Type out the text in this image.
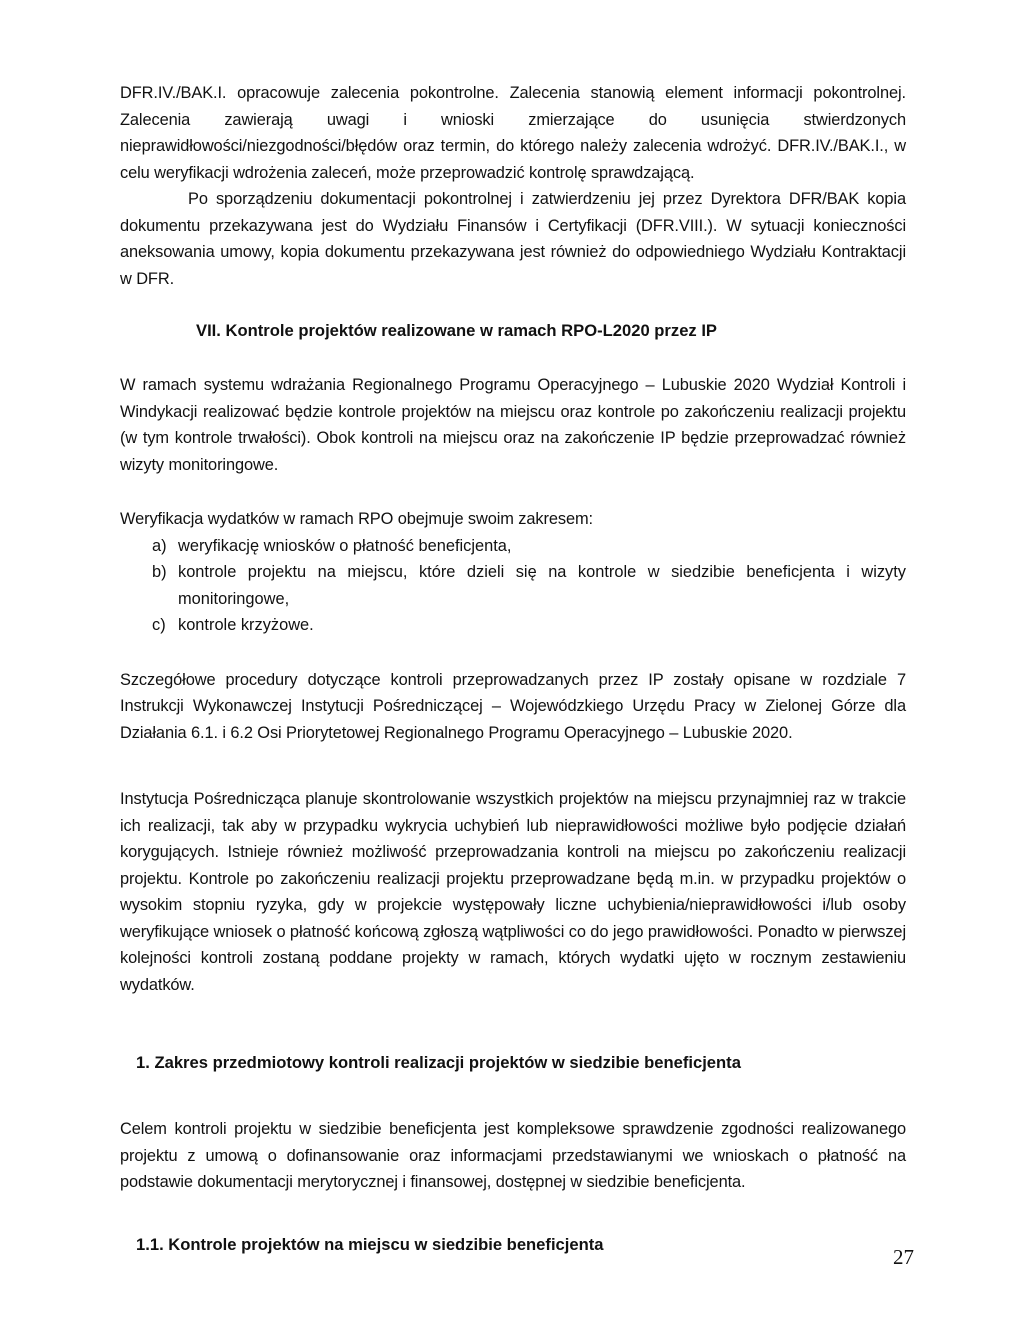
DFR.IV./BAK.I. opracowuje zalecenia pokontrolne. Zalecenia stanowią element informacji pokontrolnej. Zalecenia zawierają uwagi i wnioski zmierzające do usunięcia stwierdzonych nieprawidłowości/niezgodności/błędów oraz termin, do którego należy zalecenia wdrożyć. DFR.IV./BAK.I., w celu weryfikacji wdrożenia zaleceń, może przeprowadzić kontrolę sprawdzającą.

Po sporządzeniu dokumentacji pokontrolnej i zatwierdzeniu jej przez Dyrektora DFR/BAK kopia dokumentu przekazywana jest do Wydziału Finansów i Certyfikacji (DFR.VIII.). W sytuacji konieczności aneksowania umowy, kopia dokumentu przekazywana jest również do odpowiedniego Wydziału Kontraktacji w DFR.

VII. Kontrole projektów realizowane w ramach RPO-L2020 przez IP

W ramach systemu wdrażania Regionalnego Programu Operacyjnego – Lubuskie 2020 Wydział Kontroli i Windykacji realizować będzie kontrole projektów na miejscu oraz kontrole po zakończeniu realizacji projektu (w tym kontrole trwałości). Obok kontroli na miejscu oraz na zakończenie IP będzie przeprowadzać również wizyty monitoringowe.

Weryfikacja wydatków w ramach RPO obejmuje swoim zakresem:

a) weryfikację wniosków o płatność beneficjenta,
b) kontrole projektu na miejscu, które dzieli się na kontrole w siedzibie beneficjenta i wizyty monitoringowe,
c) kontrole krzyżowe.

Szczegółowe procedury dotyczące kontroli przeprowadzanych przez IP zostały opisane w rozdziale 7 Instrukcji Wykonawczej Instytucji Pośredniczącej – Wojewódzkiego Urzędu Pracy w Zielonej Górze dla Działania 6.1. i 6.2 Osi Priorytetowej Regionalnego Programu Operacyjnego – Lubuskie 2020.

Instytucja Pośrednicząca planuje skontrolowanie wszystkich projektów na miejscu przynajmniej raz w trakcie ich realizacji, tak aby w przypadku wykrycia uchybień lub nieprawidłowości możliwe było podjęcie działań korygujących. Istnieje również możliwość przeprowadzania kontroli na miejscu po zakończeniu realizacji projektu. Kontrole po zakończeniu realizacji projektu przeprowadzane będą m.in. w przypadku projektów o wysokim stopniu ryzyka, gdy w projekcie występowały liczne uchybienia/nieprawidłowości i/lub osoby weryfikujące wniosek o płatność końcową zgłoszą wątpliwości co do jego prawidłowości. Ponadto w pierwszej kolejności kontroli zostaną poddane projekty w ramach, których wydatki ujęto w rocznym zestawieniu wydatków.

1. Zakres przedmiotowy kontroli realizacji projektów w siedzibie beneficjenta

Celem kontroli projektu w siedzibie beneficjenta jest kompleksowe sprawdzenie zgodności realizowanego projektu z umową o dofinansowanie oraz informacjami przedstawianymi we wnioskach o płatność na podstawie dokumentacji merytorycznej i finansowej, dostępnej w siedzibie beneficjenta.

1.1. Kontrole projektów na miejscu w siedzibie beneficjenta

27
